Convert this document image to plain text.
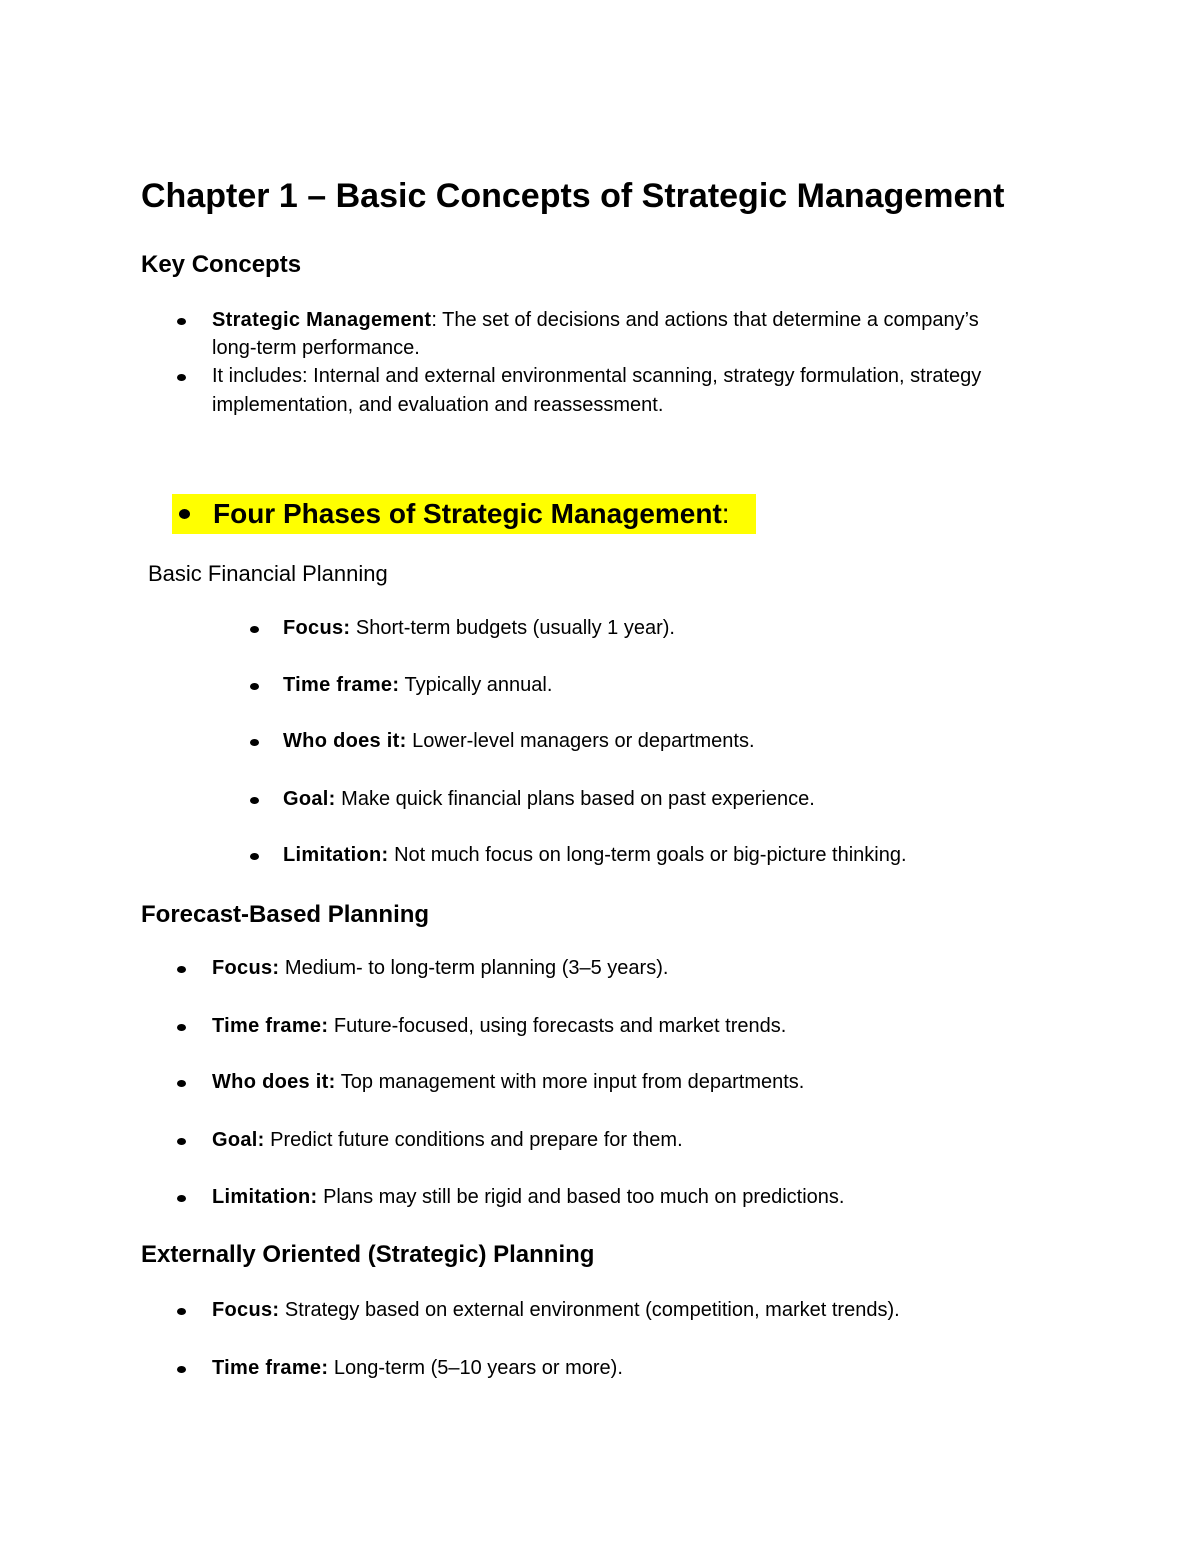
Chapter 1 – Basic Concepts of Strategic Management
Key Concepts
Strategic Management: The set of decisions and actions that determine a company’s
long-term performance.
It includes: Internal and external environmental scanning, strategy formulation, strategy
implementation, and evaluation and reassessment.
Four Phases of Strategic Management:
Basic Financial Planning
Focus: Short-term budgets (usually 1 year).
Time frame: Typically annual.
Who does it: Lower-level managers or departments.
Goal: Make quick financial plans based on past experience.
Limitation: Not much focus on long-term goals or big-picture thinking.
Forecast-Based Planning
Focus: Medium- to long-term planning (3–5 years).
Time frame: Future-focused, using forecasts and market trends.
Who does it: Top management with more input from departments.
Goal: Predict future conditions and prepare for them.
Limitation: Plans may still be rigid and based too much on predictions.
Externally Oriented (Strategic) Planning
Focus: Strategy based on external environment (competition, market trends).
Time frame: Long-term (5–10 years or more).
